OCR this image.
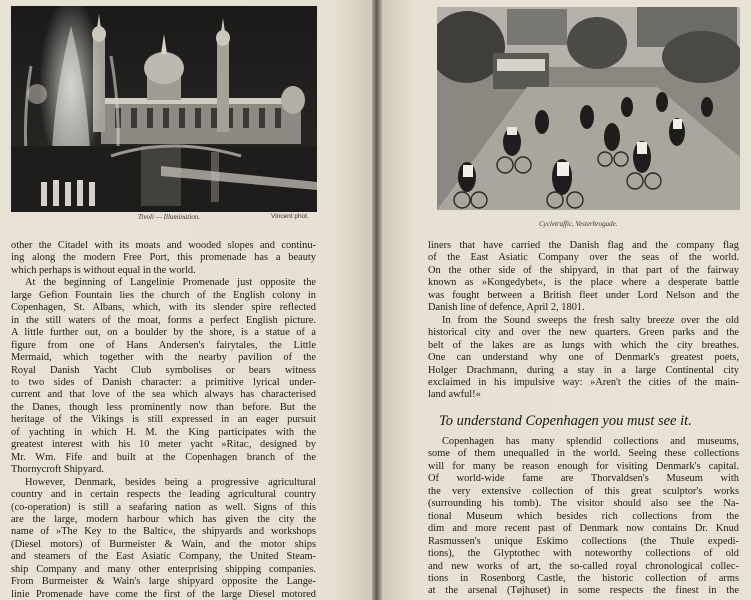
Tivoli — Illumination.	Vincent phot.
other the Citadel with its moats and wooded slopes and continu-
ing along the modern Free Port, this promenade has a beauty
which perhaps is without equal in the world.
At the beginning of Langelinie Promenade just opposite the
large Gefion Fountain lies the church of the English colony in
Copenhagen, St. Albans, which, with its slender spire reflected
in the still waters of the moat, forms a perfect English picture.
A little further out, on a boulder by the shore, is a statue of a
figure from one of Hans Andersen's fairytales, the Little
Mermaid, which together with the nearby pavilion of the
Royal Danish Yacht Club symbolises or bears witness
to two sides of Danish character: a primitive lyrical under-
current and that love of the sea which always has characterised
the Danes, though less prominently now than before. But the
heritage of the Vikings is still expressed in an eager pursuit
of yachting in which H. M. the King participates with the
greatest interest with his 10 meter yacht »Ritaᴄ, designed by
Mr. Wm. Fife and built at the Copenhagen branch of the
Thornycroft Shipyard.
However, Denmark, besides being a progressive agricultural
country and in certain respects the leading agricultural country
(co-operation) is still a seafaring nation as well. Signs of this
are the large, modern harbour which has given the city the
name of »The Key to the Baltic«, the shipyards and workshops
(Diesel motors) of Burmeister & Wain, and the motor ships
and steamers of the East Asiatic Company, the United Steam-
ship Company and many other enterprising shipping companies.
From Burmeister & Wain's large shipyard opposite the Lange-
linie Promenade have come the first of the large Diesel motored
Cycletraffic, Vesterbrogade.
liners that have carried the Danish flag and the company flag
of the East Asiatic Company over the seas of the world.
On the other side of the shipyard, in that part of the fairway
known as »Kongedybet«, is the place where a desperate battle
was fought between a British fleet under Lord Nelson and the
Danish line of defence, April 2, 1801.
In from the Sound sweeps the fresh salty breeze over the old
historical city and over the new quarters. Green parks and the
belt of the lakes are as lungs with which the city breathes.
One can understand why one of Denmark's greatest poets,
Holger Drachmann, during a stay in a large Continental city
exclaimed in his impulsive way: »Aren't the cities of the main-
land awful!«
To understand Copenhagen you must see it.
Copenhagen has many splendid collections and museums,
some of them unequalled in the world. Seeing these collections
will for many be reason enough for visiting Denmark's capital.
Of world-wide fame are Thorvaldsen's Museum with
the very extensive collection of this great sculptor's works
(surrounding his tomb). The visitor should also see the Na-
tional Museum which besides rich collections from the
dim and more recent past of Denmark now contains Dr. Knud
Rasmussen's unique Eskimo collections (the Thule expedi-
tions), the Glyptothec with noteworthy collections of old
and new works of art, the so-called royal chronological collec-
tions in Rosenborg Castle, the historic collection of arms
at the arsenal (Tøjhuset) in some respects the finest in the
